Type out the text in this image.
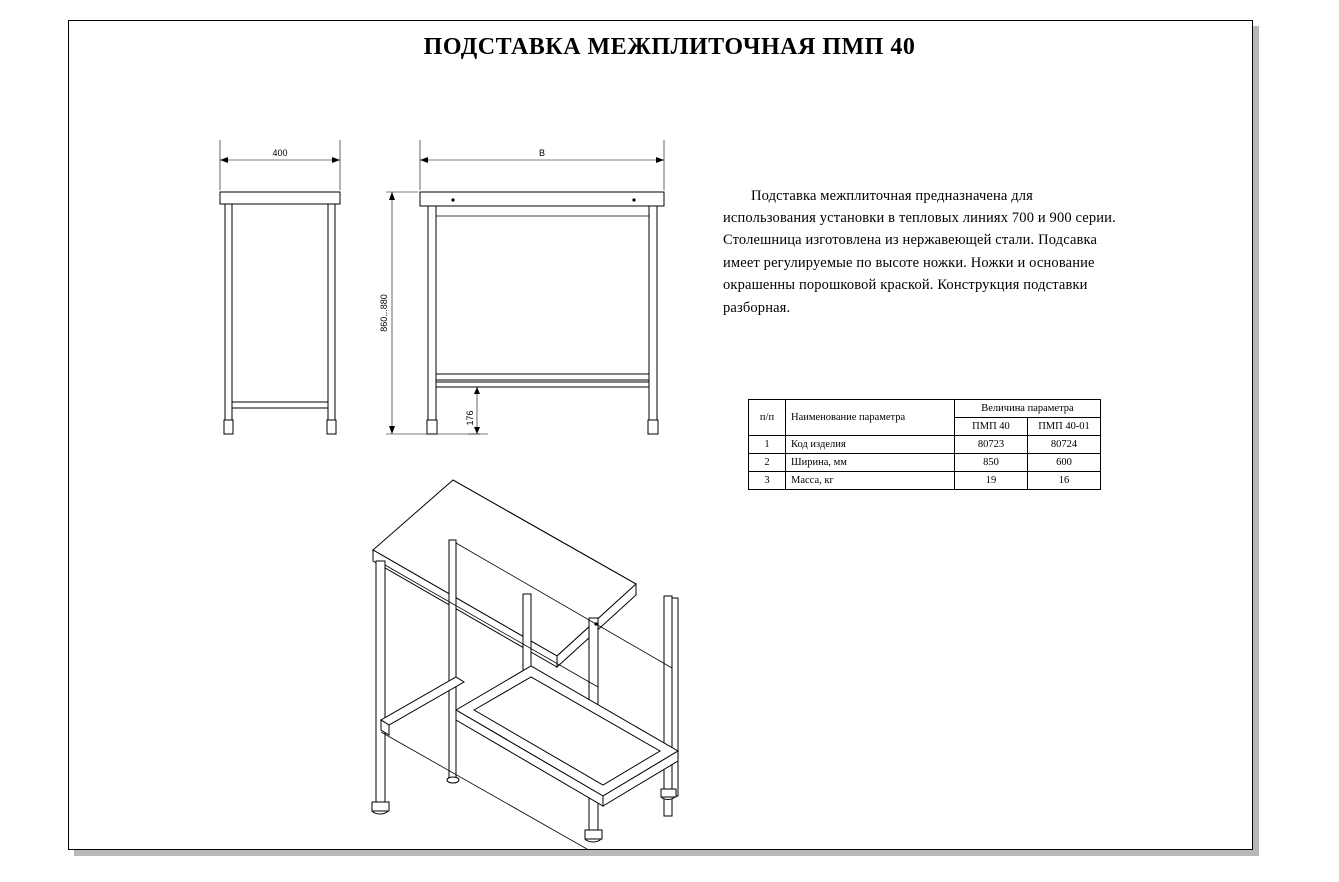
ПОДСТАВКА МЕЖПЛИТОЧНАЯ ПМП 40

Подставка межплиточная предназначена для использования установки в тепловых линиях 700 и 900 серии. Столешница изготовлена из нержавеющей стали. Подсавка имеет регулируемые по высоте ножки. Ножки и основание окрашенны порошковой краской. Конструкция подставки разборная.

400	B
860...880
176	п/п	Наименование параметра	Величина параметра	
		ПМП 40	ПМП 40-01
1	Код изделия	80723	80724
2	Ширина, мм	850	600
3	Масса, кг	19	16
